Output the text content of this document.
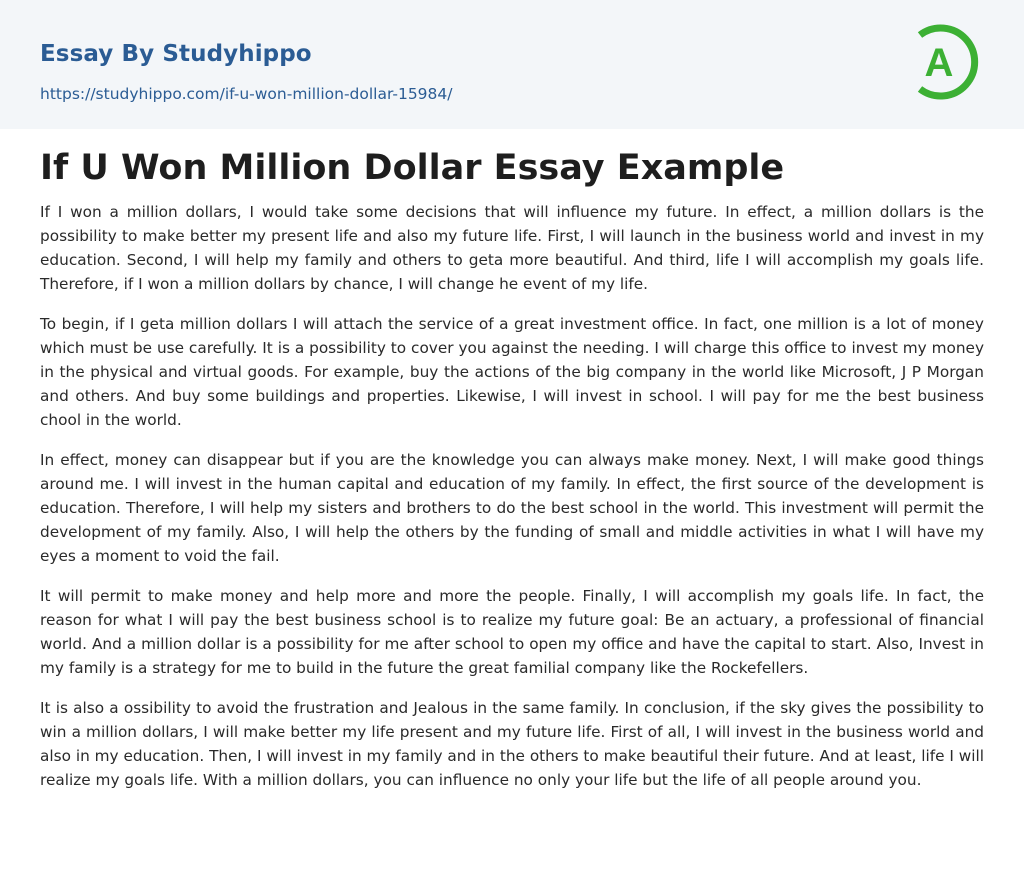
Essay By Studyhippo
https://studyhippo.com/if-u-won-million-dollar-15984/
A
If U Won Million Dollar Essay Example

If I won a million dollars, I would take some decisions that will influence my future. In effect, a million dollars is the possibility to make better my present life and also my future life. First, I will launch in the business world and invest in my education. Second, I will help my family and others to geta more beautiful. And third, life I will accomplish my goals life. Therefore, if I won a million dollars by chance, I will change he event of my life.

To begin, if I geta million dollars I will attach the service of a great investment office. In fact, one million is a lot of money which must be use carefully. It is a possibility to cover you against the needing. I will charge this office to invest my money in the physical and virtual goods. For example, buy the actions of the big company in the world like Microsoft, J P Morgan and others. And buy some buildings and properties. Likewise, I will invest in school. I will pay for me the best business chool in the world.

In effect, money can disappear but if you are the knowledge you can always make money. Next, I will make good things around me. I will invest in the human capital and education of my family. In effect, the first source of the development is education. Therefore, I will help my sisters and brothers to do the best school in the world. This investment will permit the development of my family. Also, I will help the others by the funding of small and middle activities in what I will have my eyes a moment to void the fail.

It will permit to make money and help more and more the people. Finally, I will accomplish my goals life. In fact, the reason for what I will pay the best business school is to realize my future goal: Be an actuary, a professional of financial world. And a million dollar is a possibility for me after school to open my office and have the capital to start. Also, Invest in my family is a strategy for me to build in the future the great familial company like the Rockefellers.

It is also a ossibility to avoid the frustration and Jealous in the same family. In conclusion, if the sky gives the possibility to win a million dollars, I will make better my life present and my future life. First of all, I will invest in the business world and also in my education. Then, I will invest in my family and in the others to make beautiful their future. And at least, life I will realize my goals life. With a million dollars, you can influence no only your life but the life of all people around you.
